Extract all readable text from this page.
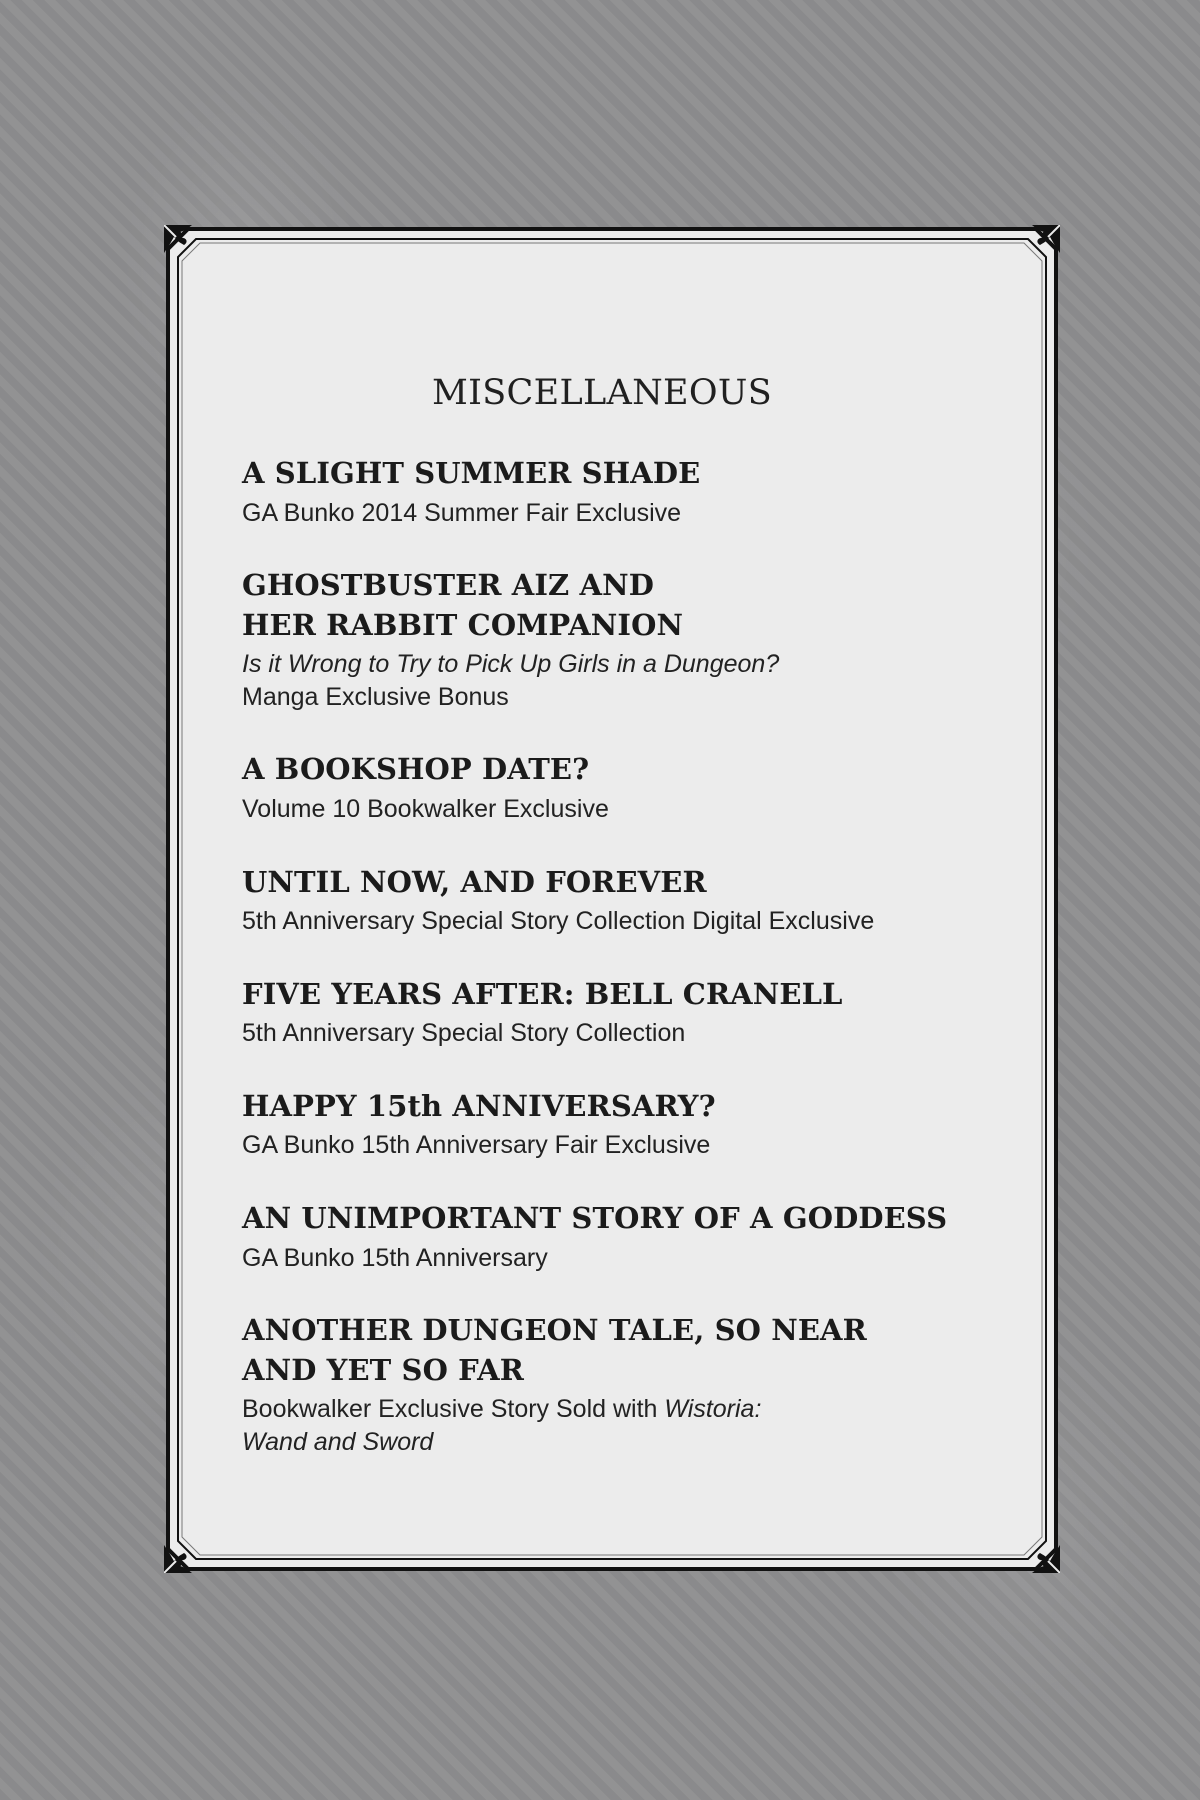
MISCELLANEOUS
A SLIGHT SUMMER SHADE
GA Bunko 2014 Summer Fair Exclusive
GHOSTBUSTER AIZ AND
HER RABBIT COMPANION
Is it Wrong to Try to Pick Up Girls in a Dungeon?
Manga Exclusive Bonus
A BOOKSHOP DATE?
Volume 10 Bookwalker Exclusive
UNTIL NOW, AND FOREVER
5th Anniversary Special Story Collection Digital Exclusive
FIVE YEARS AFTER: BELL CRANELL
5th Anniversary Special Story Collection
HAPPY 15th ANNIVERSARY?
GA Bunko 15th Anniversary Fair Exclusive
AN UNIMPORTANT STORY OF A GODDESS
GA Bunko 15th Anniversary
ANOTHER DUNGEON TALE, SO NEAR
AND YET SO FAR
Bookwalker Exclusive Story Sold with Wistoria:
Wand and Sword
